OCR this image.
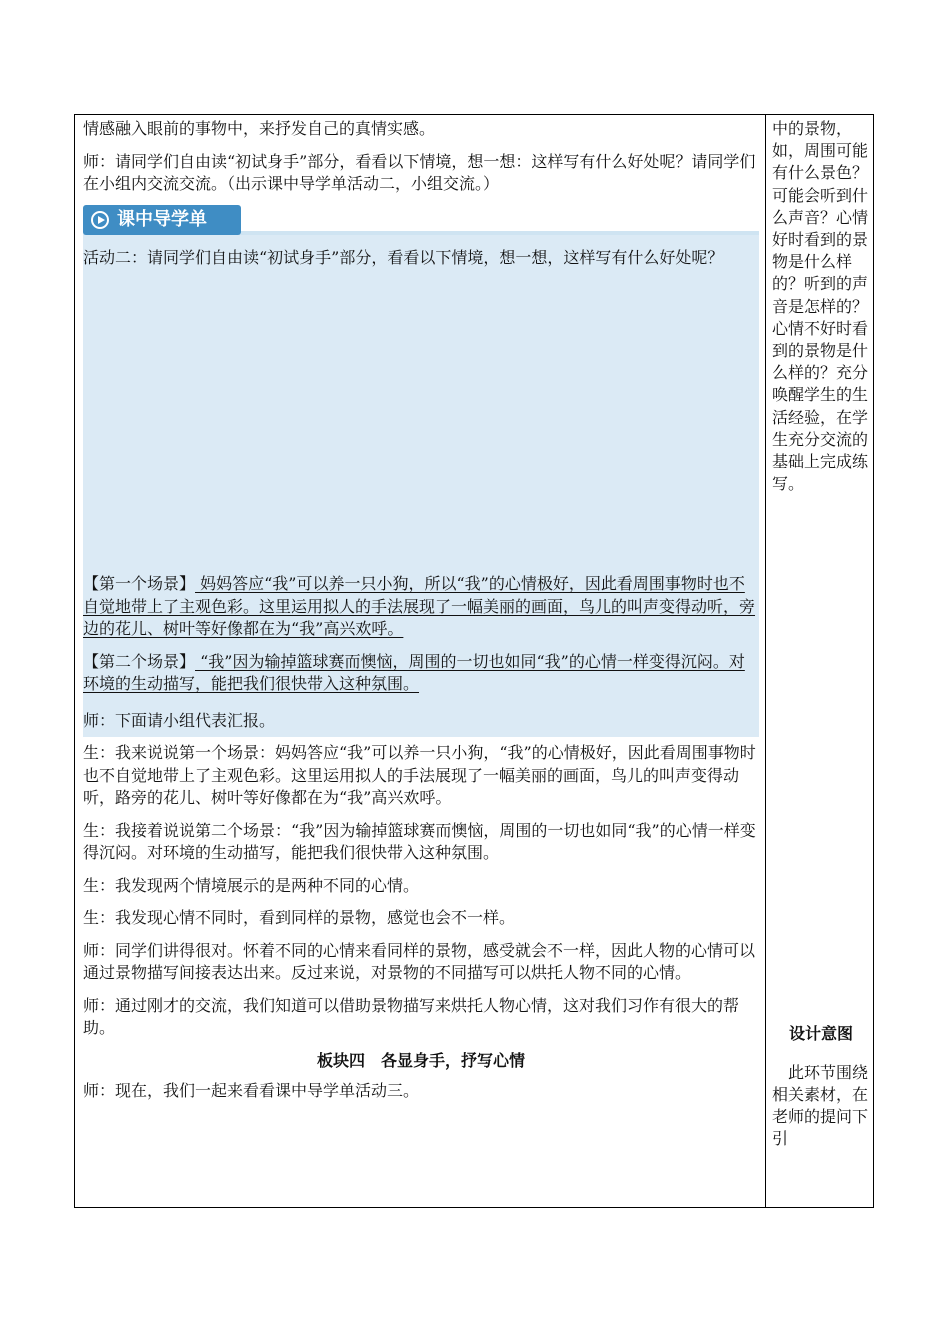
课中导学单

情感融入眼前的事物中，来抒发自己的真情实感。

师：请同学们自由读“初试身手”部分，看看以下情境，想一想：这样写有什么好处呢？请同学们在小组内交流交流。（出示课中导学单活动二，小组交流。）

活动二：请同学们自由读“初试身手”部分，看看以下情境，想一想，这样写有什么好处呢？

【第一个场景】 妈妈答应“我”可以养一只小狗，所以“我”的心情极好，因此看周围事物时也不自觉地带上了主观色彩。这里运用拟人的手法展现了一幅美丽的画面，鸟儿的叫声变得动听，旁边的花儿、树叶等好像都在为“我”高兴欢呼。

【第二个场景】 “我”因为输掉篮球赛而懊恼，周围的一切也如同“我”的心情一样变得沉闷。对环境的生动描写，能把我们很快带入这种氛围。

师：下面请小组代表汇报。

生：我来说说第一个场景：妈妈答应“我”可以养一只小狗，“我”的心情极好，因此看周围事物时也不自觉地带上了主观色彩。这里运用拟人的手法展现了一幅美丽的画面，鸟儿的叫声变得动听，路旁的花儿、树叶等好像都在为“我”高兴欢呼。

生：我接着说说第二个场景：“我”因为输掉篮球赛而懊恼，周围的一切也如同“我”的心情一样变得沉闷。对环境的生动描写，能把我们很快带入这种氛围。

生：我发现两个情境展示的是两种不同的心情。

生：我发现心情不同时，看到同样的景物，感觉也会不一样。

师：同学们讲得很对。怀着不同的心情来看同样的景物，感受就会不一样，因此人物的心情可以通过景物描写间接表达出来。反过来说，对景物的不同描写可以烘托人物不同的心情。

师：通过刚才的交流，我们知道可以借助景物描写来烘托人物心情，这对我们习作有很大的帮助。

板块四　各显身手，抒写心情

师：现在，我们一起来看看课中导学单活动三。

中的景物，如，周围可能有什么景色？可能会听到什么声音？心情好时看到的景物是什么样的？听到的声音是怎样的？心情不好时看到的景物是什么样的？充分唤醒学生的生活经验，在学生充分交流的基础上完成练写。

设计意图

　此环节围绕相关素材，在老师的提问下引
